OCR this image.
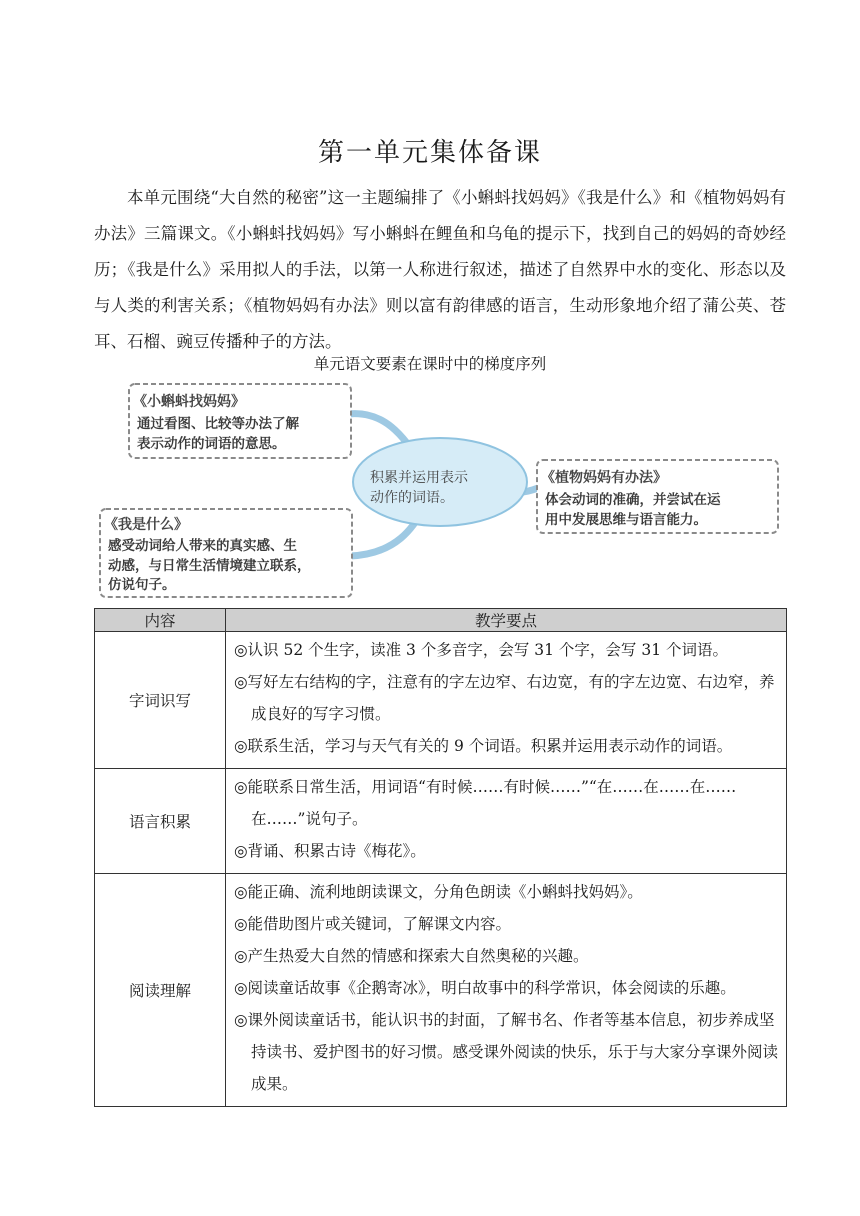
第一单元集体备课
本单元围绕“大自然的秘密”这一主题编排了《小蝌蚪找妈妈》《我是什么》和《植物妈妈有办法》三篇课文。《小蝌蚪找妈妈》写小蝌蚪在鲤鱼和乌龟的提示下，找到自己的妈妈的奇妙经历；《我是什么》采用拟人的手法，以第一人称进行叙述，描述了自然界中水的变化、形态以及与人类的利害关系；《植物妈妈有办法》则以富有韵律感的语言，生动形象地介绍了蒲公英、苍耳、石榴、豌豆传播种子的方法。
单元语文要素在课时中的梯度序列
积累并运用表示
动作的词语。
《小蝌蚪找妈妈》
通过看图、比较等办法了解
表示动作的词语的意思。
《我是什么》
感受动词给人带来的真实感、生
动感，与日常生活情境建立联系，
仿说句子。
《植物妈妈有办法》
体会动词的准确，并尝试在运
用中发展思维与语言能力。
内容	教学要点
字词识写	◎认识 52 个生字，读准 3 个多音字，会写 31 个字，会写 31 个词语。
◎写好左右结构的字，注意有的字左边窄、右边宽，有的字左边宽、右边窄，养成良好的写字习惯。
◎联系生活，学习与天气有关的 9 个词语。积累并运用表示动作的词语。

语言积累	◎能联系日常生活，用词语“有时候……有时候……”“在……在……在……在……”说句子。
◎背诵、积累古诗《梅花》。

阅读理解	◎能正确、流利地朗读课文，分角色朗读《小蝌蚪找妈妈》。
◎能借助图片或关键词，了解课文内容。
◎产生热爱大自然的情感和探索大自然奥秘的兴趣。
◎阅读童话故事《企鹅寄冰》，明白故事中的科学常识，体会阅读的乐趣。
◎课外阅读童话书，能认识书的封面，了解书名、作者等基本信息，初步养成坚持读书、爱护图书的好习惯。感受课外阅读的快乐，乐于与大家分享课外阅读成果。
